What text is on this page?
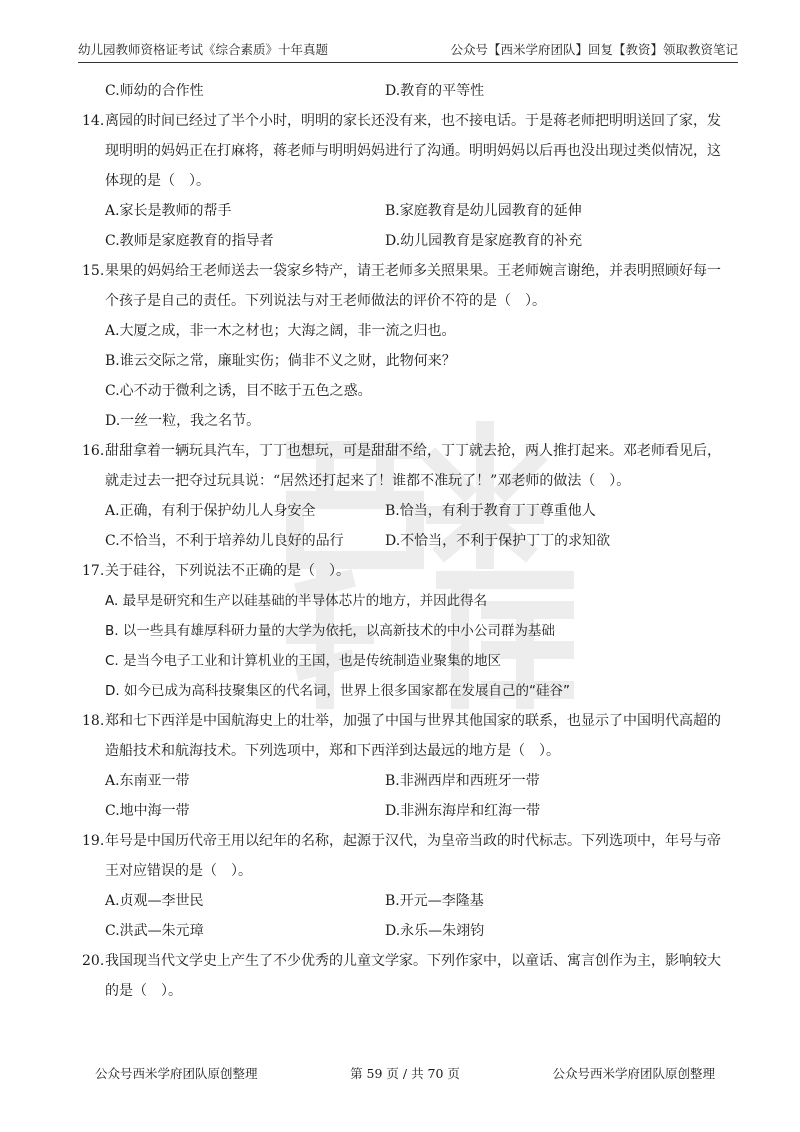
幼儿园教师资格证考试《综合素质》十年真题	公众号【西米学府团队】回复【教资】领取教资笔记
C.师幼的合作性	D.教育的平等性
14. 离园的时间已经过了半个小时，明明的家长还没有来，也不接电话。于是蒋老师把明明送回了家，发现明明的妈妈正在打麻将，蒋老师与明明妈妈进行了沟通。明明妈妈以后再也没出现过类似情况，这体现的是（　）。
A.家长是教师的帮手	B.家庭教育是幼儿园教育的延伸
C.教师是家庭教育的指导者	D.幼儿园教育是家庭教育的补充
15. 果果的妈妈给王老师送去一袋家乡特产，请王老师多关照果果。王老师婉言谢绝，并表明照顾好每一个孩子是自己的责任。下列说法与对王老师做法的评价不符的是（　）。
A.大厦之成，非一木之材也；大海之阔，非一流之归也。
B.谁云交际之常，廉耻实伤；倘非不义之财，此物何来？
C.心不动于微利之诱，目不眩于五色之惑。
D.一丝一粒，我之名节。
16. 甜甜拿着一辆玩具汽车，丁丁也想玩，可是甜甜不给，丁丁就去抢，两人推打起来。邓老师看见后，就走过去一把夺过玩具说：“居然还打起来了！谁都不准玩了！”邓老师的做法（　）。
A.正确，有利于保护幼儿人身安全	B.恰当，有利于教育丁丁尊重他人
C.不恰当，不利于培养幼儿良好的品行	D.不恰当，不利于保护丁丁的求知欲
17. 关于硅谷，下列说法不正确的是（　）。
A. 最早是研究和生产以硅基础的半导体芯片的地方，并因此得名
B. 以一些具有雄厚科研力量的大学为依托，以高新技术的中小公司群为基础
C. 是当今电子工业和计算机业的王国，也是传统制造业聚集的地区
D. 如今已成为高科技聚集区的代名词，世界上很多国家都在发展自己的“硅谷”
18. 郑和七下西洋是中国航海史上的壮举，加强了中国与世界其他国家的联系，也显示了中国明代高超的造船技术和航海技术。下列选项中，郑和下西洋到达最远的地方是（　）。
A.东南亚一带	B.非洲西岸和西班牙一带
C.地中海一带	D.非洲东海岸和红海一带
19. 年号是中国历代帝王用以纪年的名称，起源于汉代，为皇帝当政的时代标志。下列选项中，年号与帝王对应错误的是（　）。
A.贞观—李世民	B.开元—李隆基
C.洪武—朱元璋	D.永乐—朱翊钧
20. 我国现当代文学史上产生了不少优秀的儿童文学家。下列作家中，以童话、寓言创作为主，影响较大的是（　）。
公众号西米学府团队原创整理	第 59 页 / 共 70 页	公众号西米学府团队原创整理
